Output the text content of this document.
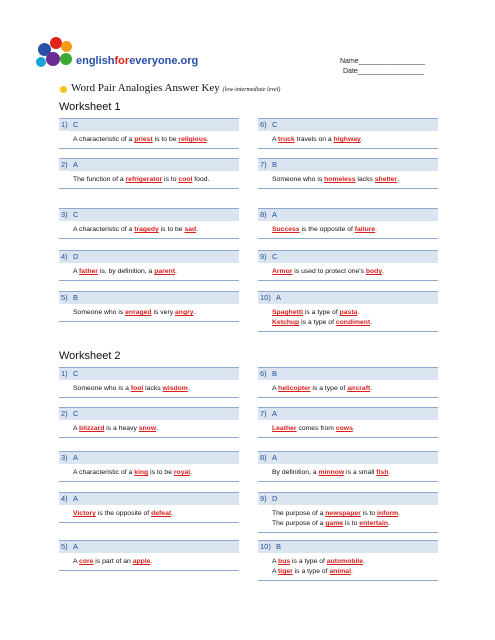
englishforeveryone.org	Name_________________
Date_________________
Word Pair Analogies Answer Key (low-intermediate level)
Worksheet 1
1) C
A characteristic of a priest is to be religious.
2) A
The function of a refrigerator is to cool food.
3) C
A characteristic of a tragedy is to be sad.
4) D
A father is, by definition, a parent.
5) B
Someone who is enraged is very angry.
6) C
A truck travels on a highway.
7) B
Someone who is homeless lacks shelter.
8) A
Success is the opposite of failure.
9) C
Armor is used to protect one's body.
10) A
Spaghetti is a type of pasta.
Ketchup is a type of condiment.
Worksheet 2
1) C
Someone who is a fool lacks wisdom.
2) C
A blizzard is a heavy snow.
3) A
A characteristic of a king is to be royal.
4) A
Victory is the opposite of defeat.
5) A
A core is part of an apple.
6) B
A helicopter is a type of aircraft.
7) A
Leather comes from cows.
8) A
By definition, a minnow is a small fish.
9) D
The purpose of a newspaper is to inform.
The purpose of a game is to entertain.
10) B
A bus is a type of automobile.
A tiger is a type of animal.
